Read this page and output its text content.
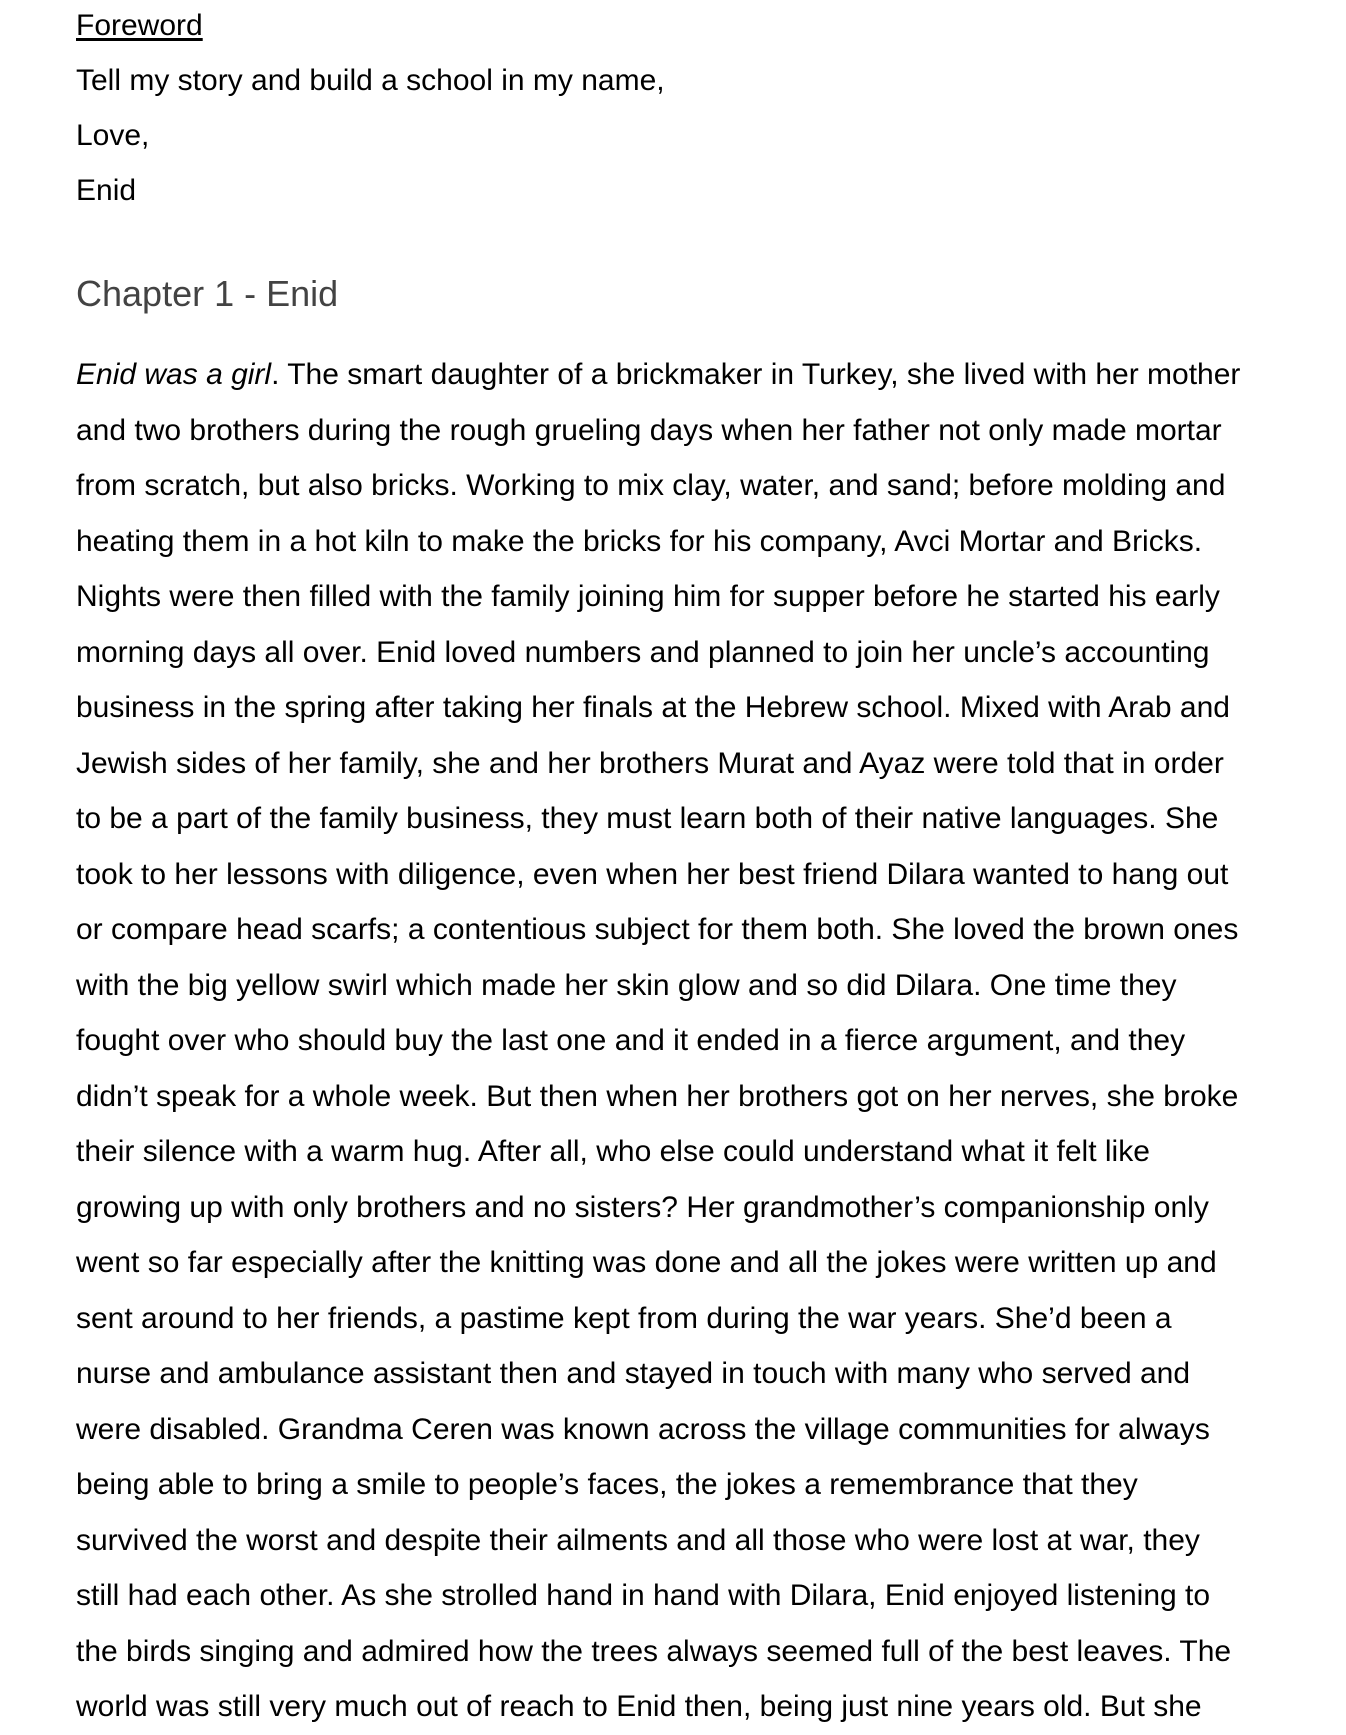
Foreword
Tell my story and build a school in my name,
Love,
Enid
Chapter 1 - Enid
Enid was a girl. The smart daughter of a brickmaker in Turkey, she lived with her mother
and two brothers during the rough grueling days when her father not only made mortar
from scratch, but also bricks. Working to mix clay, water, and sand; before molding and
heating them in a hot kiln to make the bricks for his company, Avci Mortar and Bricks.
Nights were then filled with the family joining him for supper before he started his early
morning days all over. Enid loved numbers and planned to join her uncle’s accounting
business in the spring after taking her finals at the Hebrew school. Mixed with Arab and
Jewish sides of her family, she and her brothers Murat and Ayaz were told that in order
to be a part of the family business, they must learn both of their native languages. She
took to her lessons with diligence, even when her best friend Dilara wanted to hang out
or compare head scarfs; a contentious subject for them both. She loved the brown ones
with the big yellow swirl which made her skin glow and so did Dilara. One time they
fought over who should buy the last one and it ended in a fierce argument, and they
didn’t speak for a whole week. But then when her brothers got on her nerves, she broke
their silence with a warm hug. After all, who else could understand what it felt like
growing up with only brothers and no sisters? Her grandmother’s companionship only
went so far especially after the knitting was done and all the jokes were written up and
sent around to her friends, a pastime kept from during the war years. She’d been a
nurse and ambulance assistant then and stayed in touch with many who served and
were disabled. Grandma Ceren was known across the village communities for always
being able to bring a smile to people’s faces, the jokes a remembrance that they
survived the worst and despite their ailments and all those who were lost at war, they
still had each other. As she strolled hand in hand with Dilara, Enid enjoyed listening to
the birds singing and admired how the trees always seemed full of the best leaves. The
world was still very much out of reach to Enid then, being just nine years old. But she
